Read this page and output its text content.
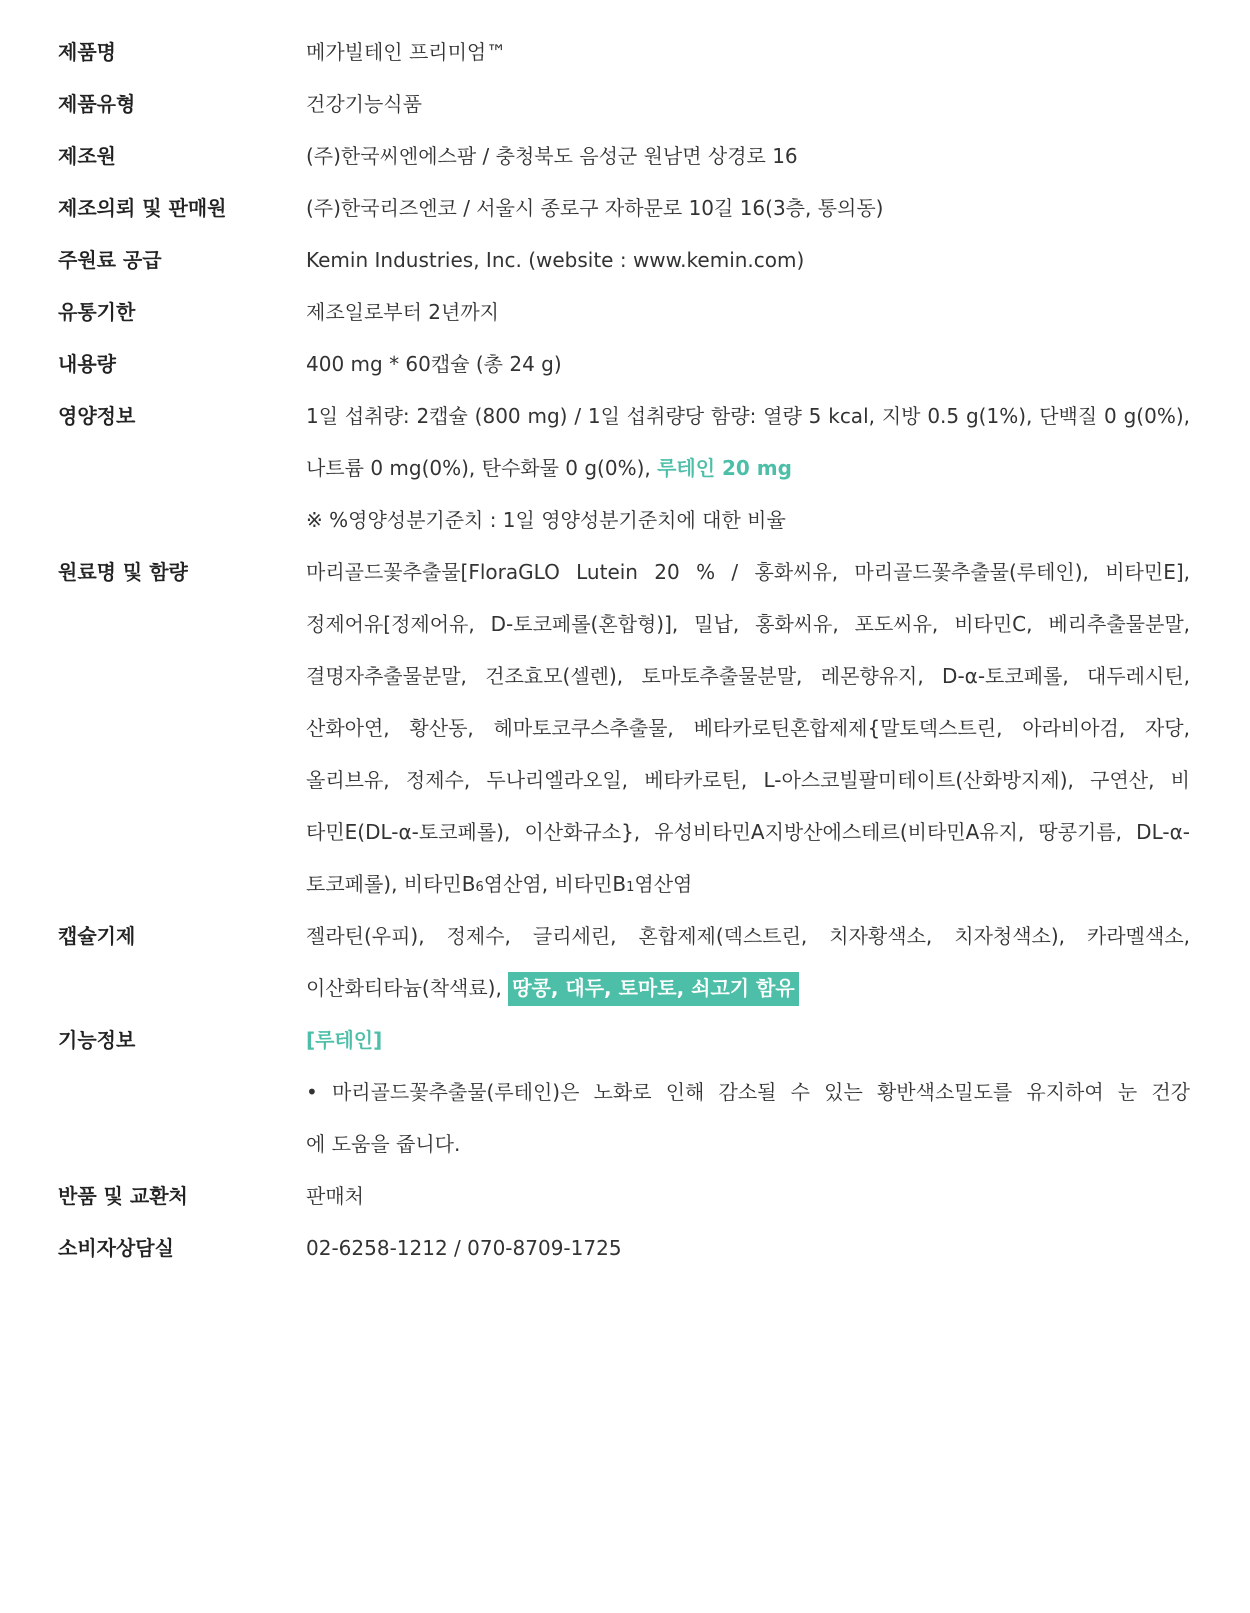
제품명	메가빌테인 프리미엄™
제품유형	건강기능식품
제조원	(주)한국씨엔에스팜 / 충청북도 음성군 원남면 상경로 16
제조의뢰 및 판매원	(주)한국리즈엔코 / 서울시 종로구 자하문로 10길 16(3층, 통의동)
주원료 공급	Kemin Industries, Inc. (website : www.kemin.com)
유통기한	제조일로부터 2년까지
내용량	400 mg * 60캡슐 (총 24 g)
영양정보	1일 섭취량: 2캡슐 (800 mg) / 1일 섭취량당 함량: 열량 5 kcal, 지방 0.5 g(1%), 단백질 0 g(0%),
나트륨 0 mg(0%), 탄수화물 0 g(0%), 루테인 20 mg
※ %영양성분기준치 : 1일 영양성분기준치에 대한 비율
원료명 및 함량	마리골드꽃추출물[FloraGLO Lutein 20 % / 홍화씨유, 마리골드꽃추출물(루테인), 비타민E],
정제어유[정제어유, D-토코페롤(혼합형)], 밀납, 홍화씨유, 포도씨유, 비타민C, 베리추출물분말,
결명자추출물분말, 건조효모(셀렌), 토마토추출물분말, 레몬향유지, D-α-토코페롤, 대두레시틴,
산화아연, 황산동, 헤마토코쿠스추출물, 베타카로틴혼합제제{말토덱스트린, 아라비아검, 자당,
올리브유, 정제수, 두나리엘라오일, 베타카로틴, L-아스코빌팔미테이트(산화방지제), 구연산, 비
타민E(DL-α-토코페롤), 이산화규소}, 유성비타민A지방산에스테르(비타민A유지, 땅콩기름, DL-α-
토코페롤), 비타민B6염산염, 비타민B1염산염
캡슐기제	젤라틴(우피), 정제수, 글리세린, 혼합제제(덱스트린, 치자황색소, 치자청색소), 카라멜색소,
이산화티타늄(착색료), 땅콩, 대두, 토마토, 쇠고기 함유
기능정보	[루테인]
• 마리골드꽃추출물(루테인)은 노화로 인해 감소될 수 있는 황반색소밀도를 유지하여 눈 건강
에 도움을 줍니다.
반품 및 교환처	판매처
소비자상담실	02-6258-1212 / 070-8709-1725
